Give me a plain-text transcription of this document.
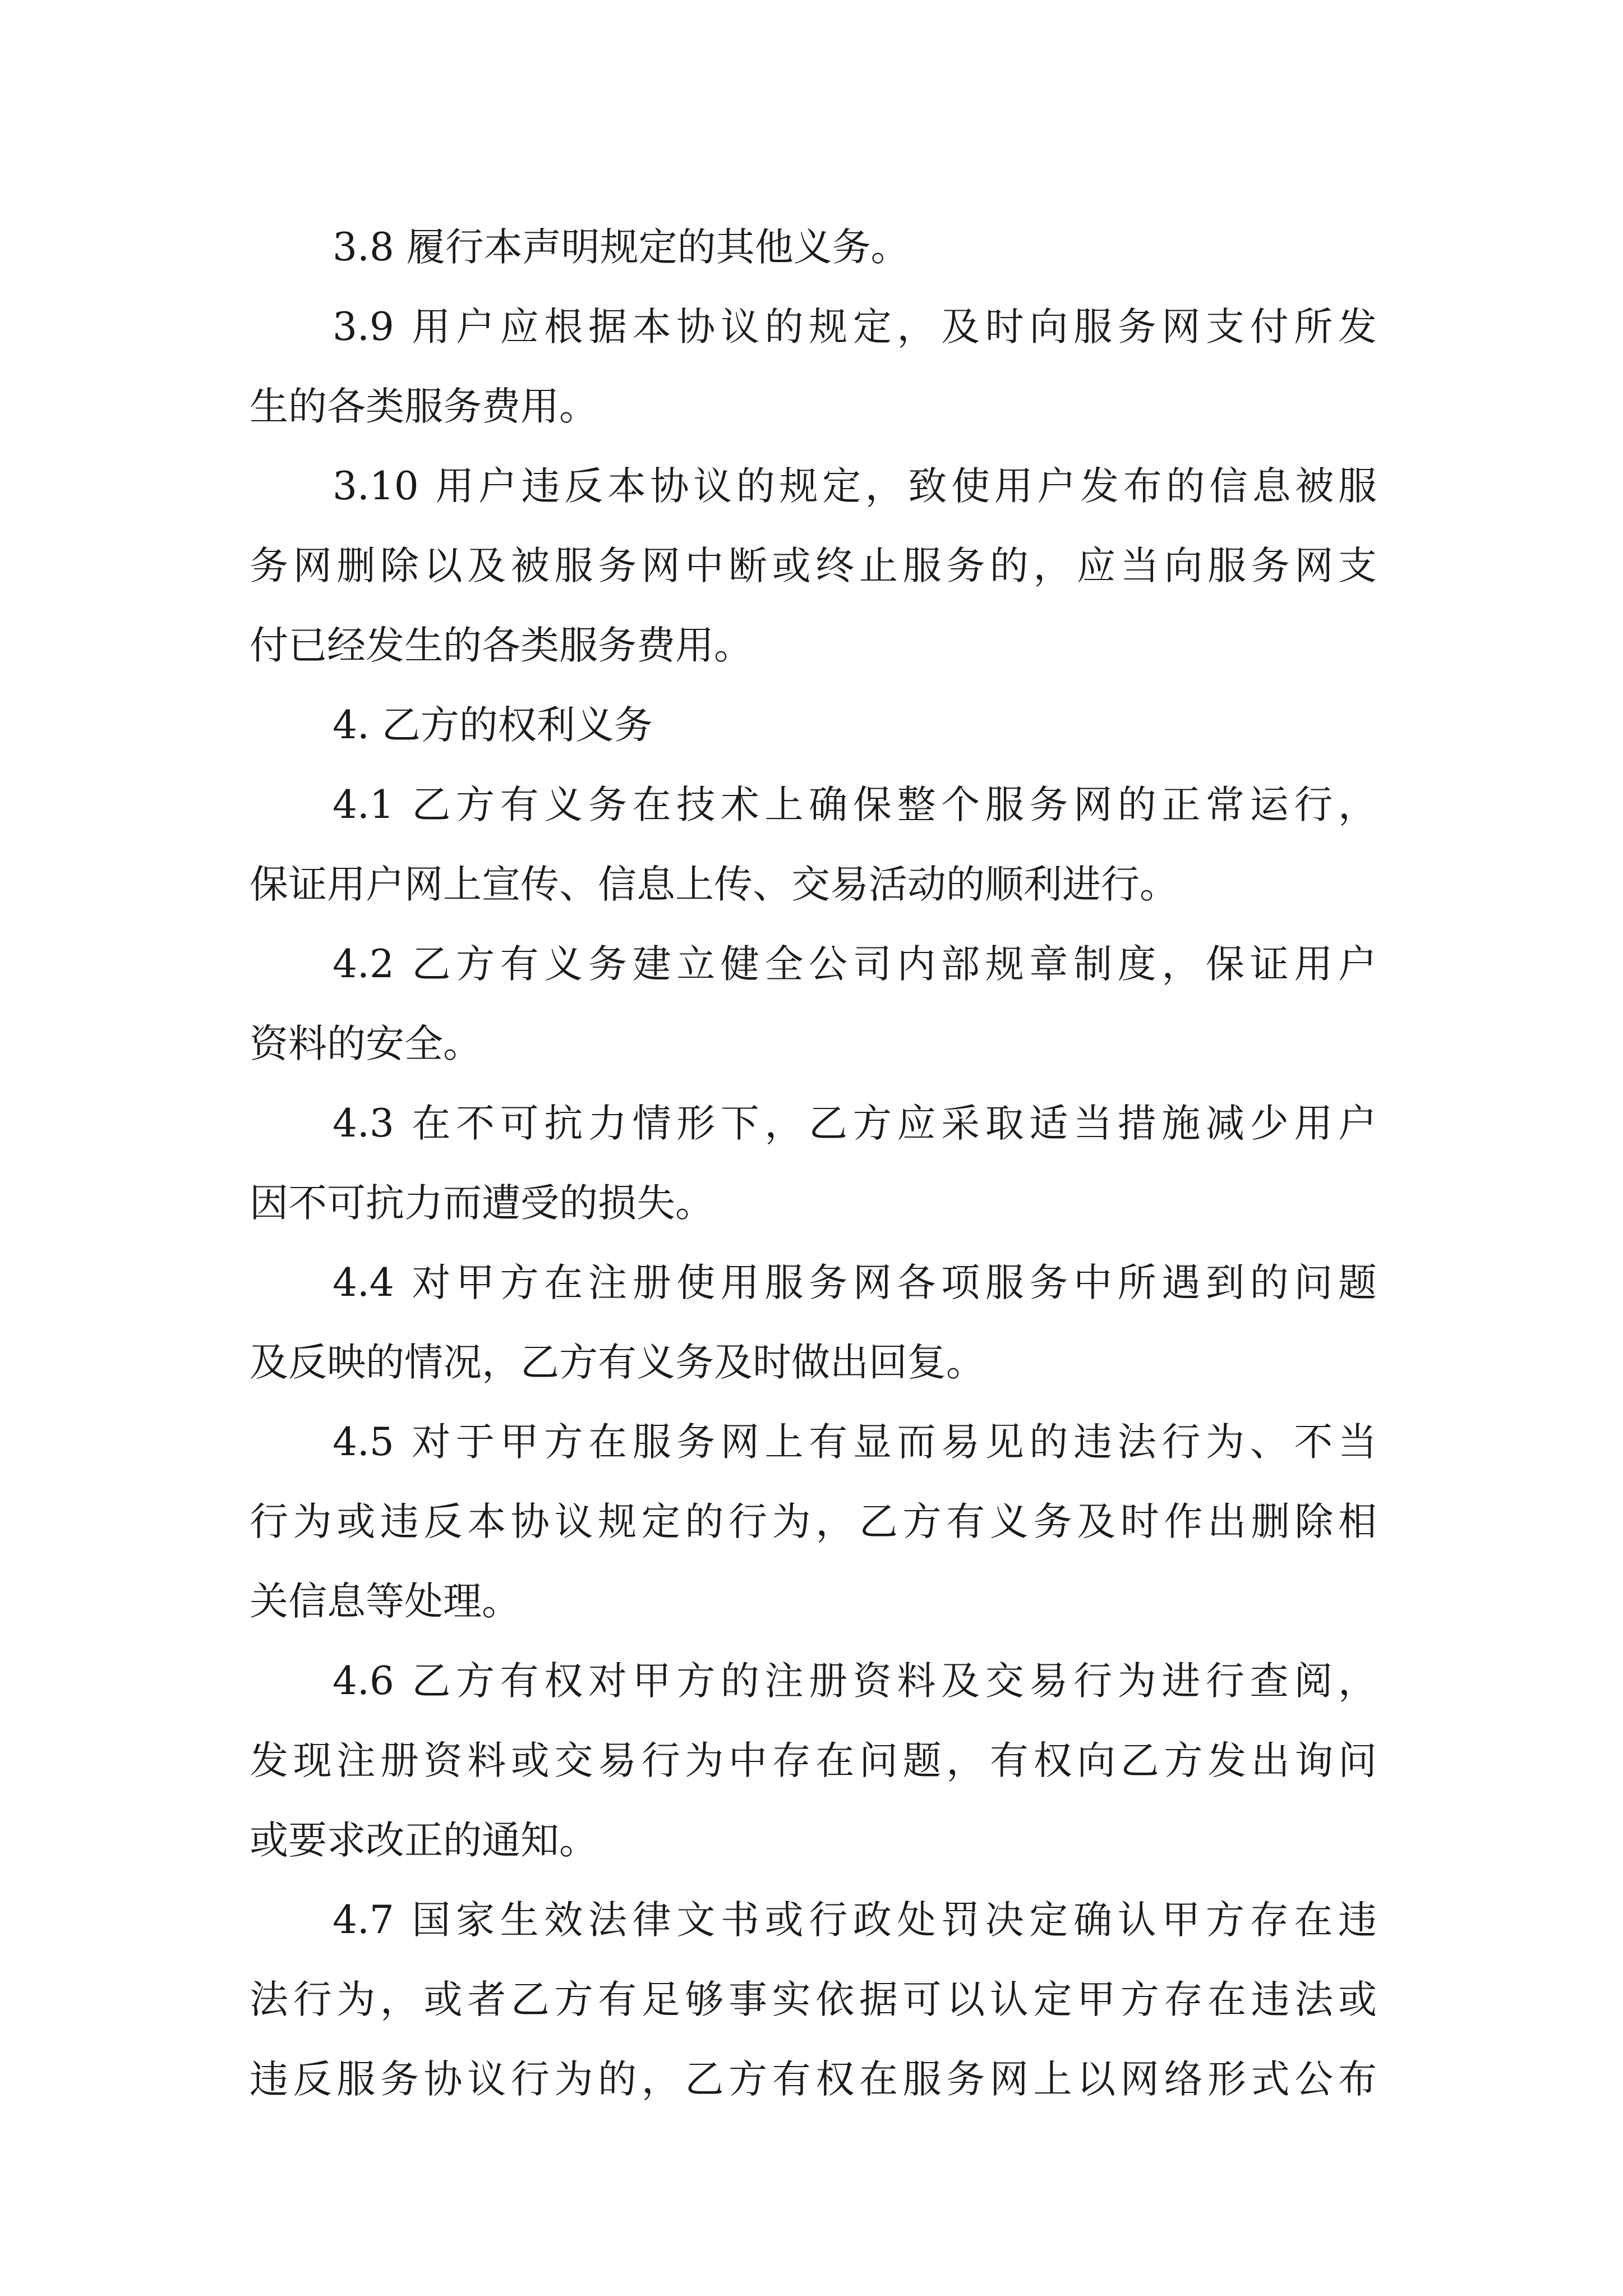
3.8 履行本声明规定的其他义务。
3.9 用户应根据本协议的规定，及时向服务网支付所发
生的各类服务费用。
3.10 用户违反本协议的规定，致使用户发布的信息被服
务网删除以及被服务网中断或终止服务的，应当向服务网支
付已经发生的各类服务费用。
4. 乙方的权利义务
4.1 乙方有义务在技术上确保整个服务网的正常运行，
保证用户网上宣传、信息上传、交易活动的顺利进行。
4.2 乙方有义务建立健全公司内部规章制度，保证用户
资料的安全。
4.3 在不可抗力情形下，乙方应采取适当措施减少用户
因不可抗力而遭受的损失。
4.4 对甲方在注册使用服务网各项服务中所遇到的问题
及反映的情况，乙方有义务及时做出回复。
4.5 对于甲方在服务网上有显而易见的违法行为、不当
行为或违反本协议规定的行为，乙方有义务及时作出删除相
关信息等处理。
4.6 乙方有权对甲方的注册资料及交易行为进行查阅，
发现注册资料或交易行为中存在问题，有权向乙方发出询问
或要求改正的通知。
4.7 国家生效法律文书或行政处罚决定确认甲方存在违
法行为，或者乙方有足够事实依据可以认定甲方存在违法或
违反服务协议行为的，乙方有权在服务网上以网络形式公布
